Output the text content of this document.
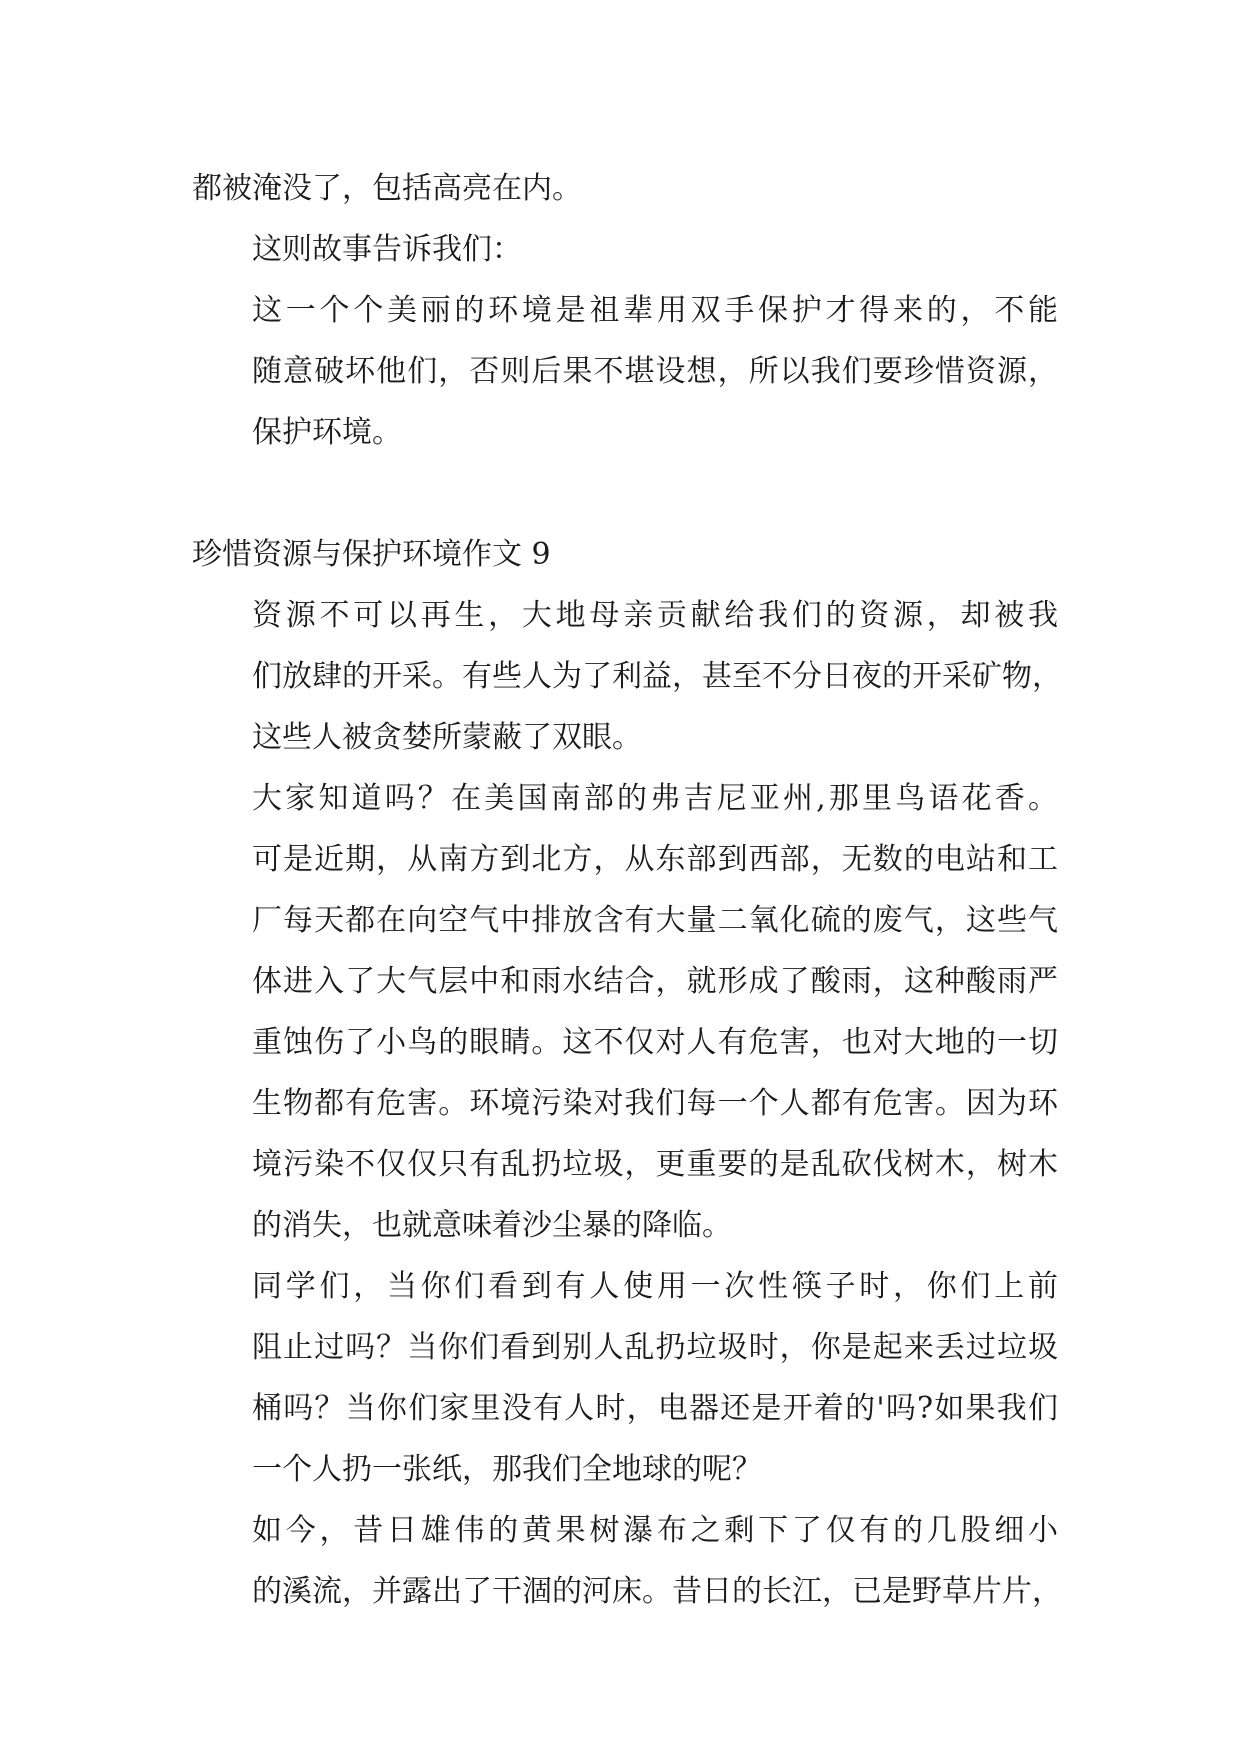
都被淹没了，包括高亮在内。

这则故事告诉我们：

这一个个美丽的环境是祖辈用双手保护才得来的，不能
随意破坏他们，否则后果不堪设想，所以我们要珍惜资源，
保护环境。

珍惜资源与保护环境作文 9

资源不可以再生，大地母亲贡献给我们的资源，却被我
们放肆的开采。有些人为了利益，甚至不分日夜的开采矿物，
这些人被贪婪所蒙蔽了双眼。

大家知道吗？在美国南部的弗吉尼亚州,那里鸟语花香。
可是近期，从南方到北方，从东部到西部，无数的电站和工
厂每天都在向空气中排放含有大量二氧化硫的废气，这些气
体进入了大气层中和雨水结合，就形成了酸雨，这种酸雨严
重蚀伤了小鸟的眼睛。这不仅对人有危害，也对大地的一切
生物都有危害。环境污染对我们每一个人都有危害。因为环
境污染不仅仅只有乱扔垃圾，更重要的是乱砍伐树木，树木
的消失，也就意味着沙尘暴的降临。

同学们，当你们看到有人使用一次性筷子时，你们上前
阻止过吗？当你们看到别人乱扔垃圾时，你是起来丢过垃圾
桶吗？当你们家里没有人时，电器还是开着的'吗?如果我们
一个人扔一张纸，那我们全地球的呢？

如今，昔日雄伟的黄果树瀑布之剩下了仅有的几股细小
的溪流，并露出了干涸的河床。昔日的长江，已是野草片片，
